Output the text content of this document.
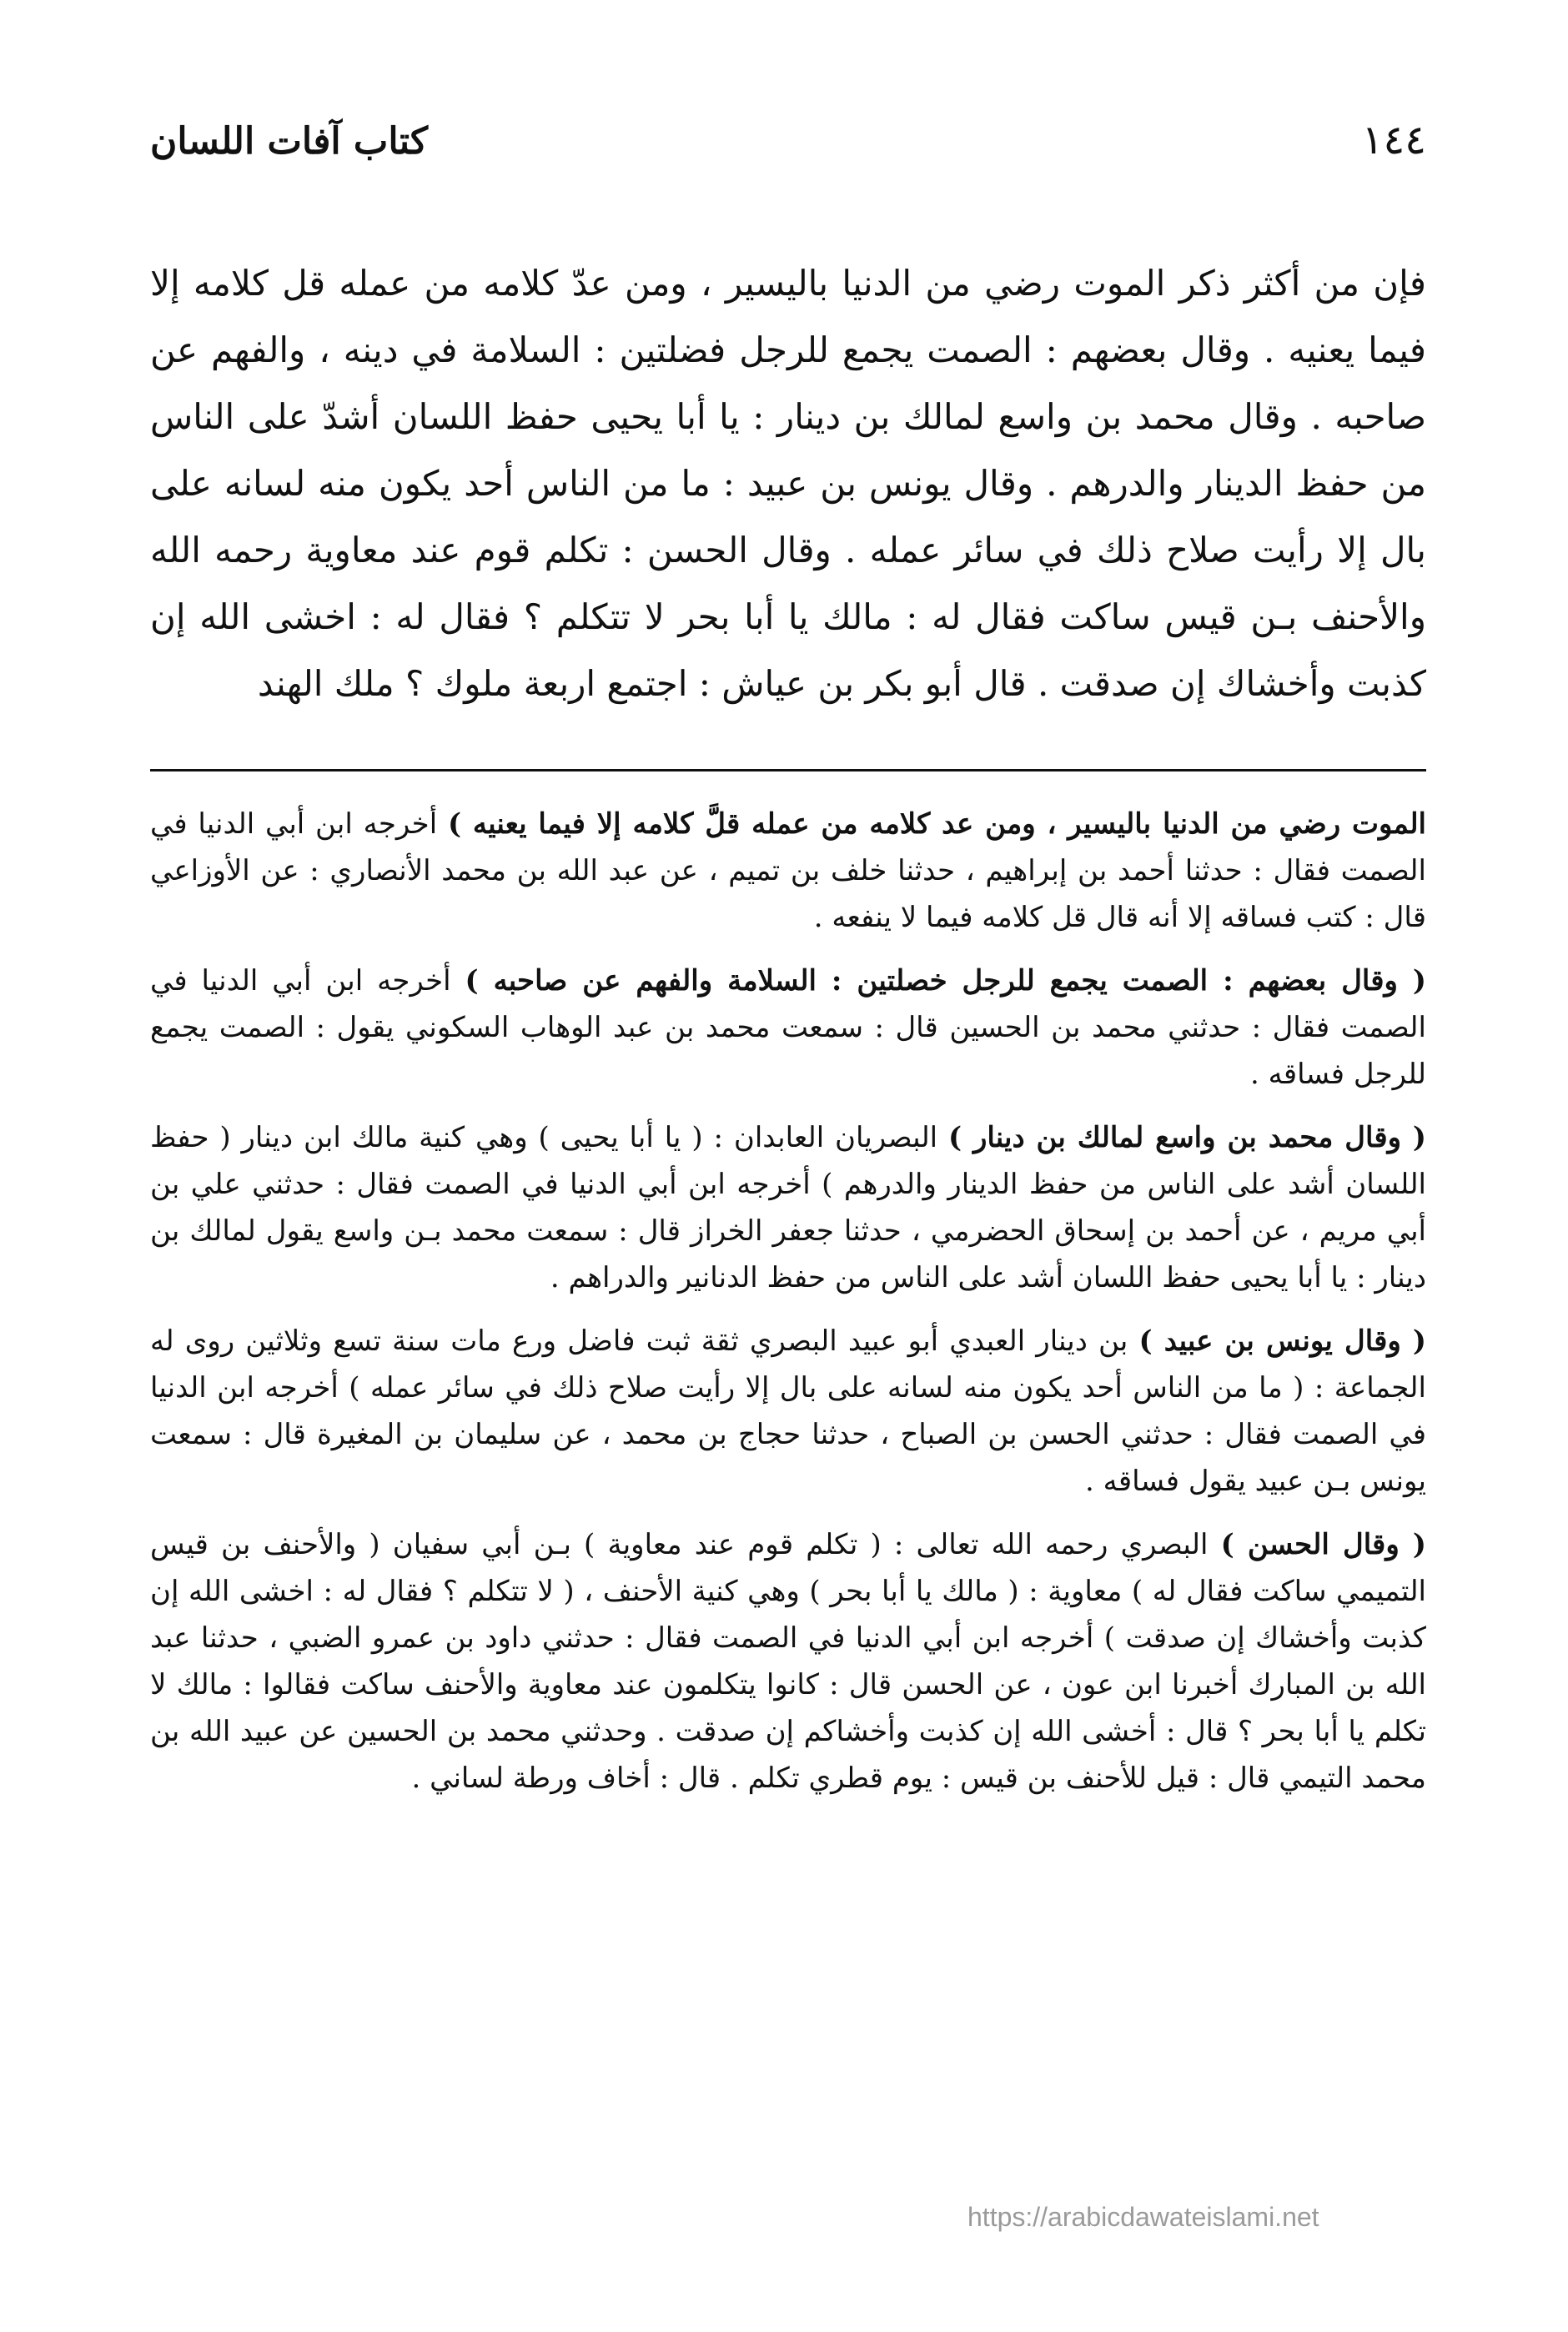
١٤٤
كتاب آفات اللسان

فإن من أكثر ذكر الموت رضي من الدنيا باليسير ، ومن عدّ كلامه من عمله قل كلامه إلا فيما يعنيه . وقال بعضهم : الصمت يجمع للرجل فضلتين : السلامة في دينه ، والفهم عن صاحبه . وقال محمد بن واسع لمالك بن دينار : يا أبا يحيى حفظ اللسان أشدّ على الناس من حفظ الدينار والدرهم . وقال يونس بن عبيد : ما من الناس أحد يكون منه لسانه على بال إلا رأيت صلاح ذلك في سائر عمله . وقال الحسن : تكلم قوم عند معاوية رحمه الله والأحنف بـن قيس ساكت فقال له : مالك يا أبا بحر لا تتكلم ؟ فقال له : اخشى الله إن كذبت وأخشاك إن صدقت . قال أبو بكر بن عياش : اجتمع اربعة ملوك ؟ ملك الهند

الموت رضي من الدنيا باليسير ، ومن عد كلامه من عمله قلَّ كلامه إلا فيما يعنيه ) أخرجه ابن أبي الدنيا في الصمت فقال : حدثنا أحمد بن إبراهيم ، حدثنا خلف بن تميم ، عن عبد الله بن محمد الأنصاري : عن الأوزاعي قال : كتب فساقه إلا أنه قال قل كلامه فيما لا ينفعه .

( وقال بعضهم : الصمت يجمع للرجل خصلتين : السلامة والفهم عن صاحبه ) أخرجه ابن أبي الدنيا في الصمت فقال : حدثني محمد بن الحسين قال : سمعت محمد بن عبد الوهاب السكوني يقول : الصمت يجمع للرجل فساقه .

( وقال محمد بن واسع لمالك بن دينار ) البصريان العابدان : ( يا أبا يحيى ) وهي كنية مالك ابن دينار ( حفظ اللسان أشد على الناس من حفظ الدينار والدرهم ) أخرجه ابن أبي الدنيا في الصمت فقال : حدثني علي بن أبي مريم ، عن أحمد بن إسحاق الحضرمي ، حدثنا جعفر الخراز قال : سمعت محمد بـن واسع يقول لمالك بن دينار : يا أبا يحيى حفظ اللسان أشد على الناس من حفظ الدنانير والدراهم .

( وقال يونس بن عبيد ) بن دينار العبدي أبو عبيد البصري ثقة ثبت فاضل ورع مات سنة تسع وثلاثين روى له الجماعة : ( ما من الناس أحد يكون منه لسانه على بال إلا رأيت صلاح ذلك في سائر عمله ) أخرجه ابن الدنيا في الصمت فقال : حدثني الحسن بن الصباح ، حدثنا حجاج بن محمد ، عن سليمان بن المغيرة قال : سمعت يونس بـن عبيد يقول فساقه .

( وقال الحسن ) البصري رحمه الله تعالى : ( تكلم قوم عند معاوية ) بـن أبي سفيان ( والأحنف بن قيس التميمي ساكت فقال له ) معاوية : ( مالك يا أبا بحر ) وهي كنية الأحنف ، ( لا تتكلم ؟ فقال له : اخشى الله إن كذبت وأخشاك إن صدقت ) أخرجه ابن أبي الدنيا في الصمت فقال : حدثني داود بن عمرو الضبي ، حدثنا عبد الله بن المبارك أخبرنا ابن عون ، عن الحسن قال : كانوا يتكلمون عند معاوية والأحنف ساكت فقالوا : مالك لا تكلم يا أبا بحر ؟ قال : أخشى الله إن كذبت وأخشاكم إن صدقت . وحدثني محمد بن الحسين عن عبيد الله بن محمد التيمي قال : قيل للأحنف بن قيس : يوم قطري تكلم . قال : أخاف ورطة لساني .

https://arabicdawateislami.net
